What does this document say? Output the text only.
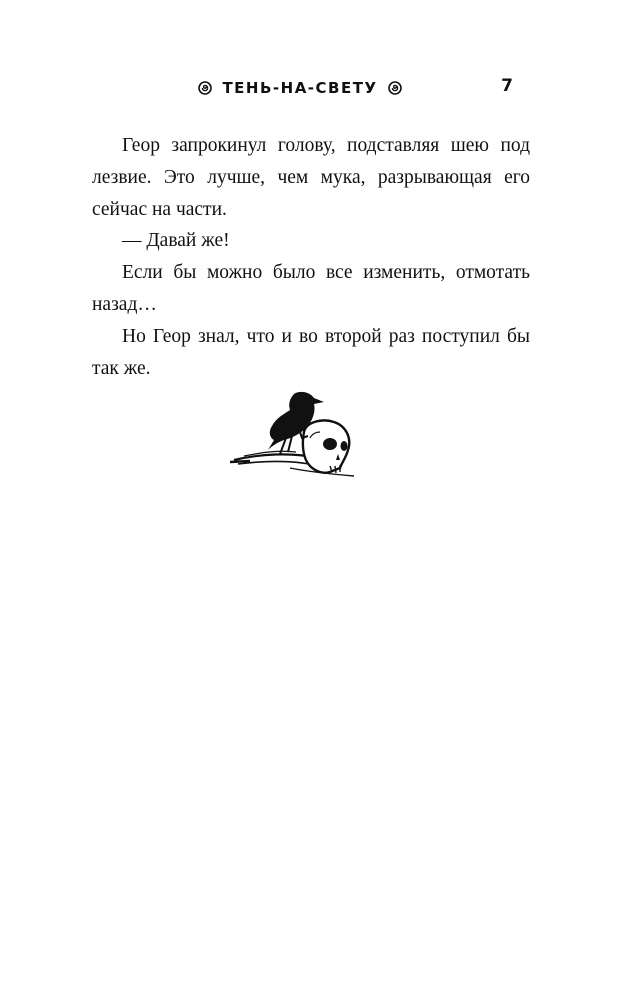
ТЕНЬ-НА-СВЕТУ	7

Геор запрокинул голову, подставляя шею под лезвие. Это лучше, чем мука, разрывающая его сейчас на части.

— Давай же!

Если бы можно было все изменить, отмотать назад…

Но Геор знал, что и во второй раз поступил бы так же.
